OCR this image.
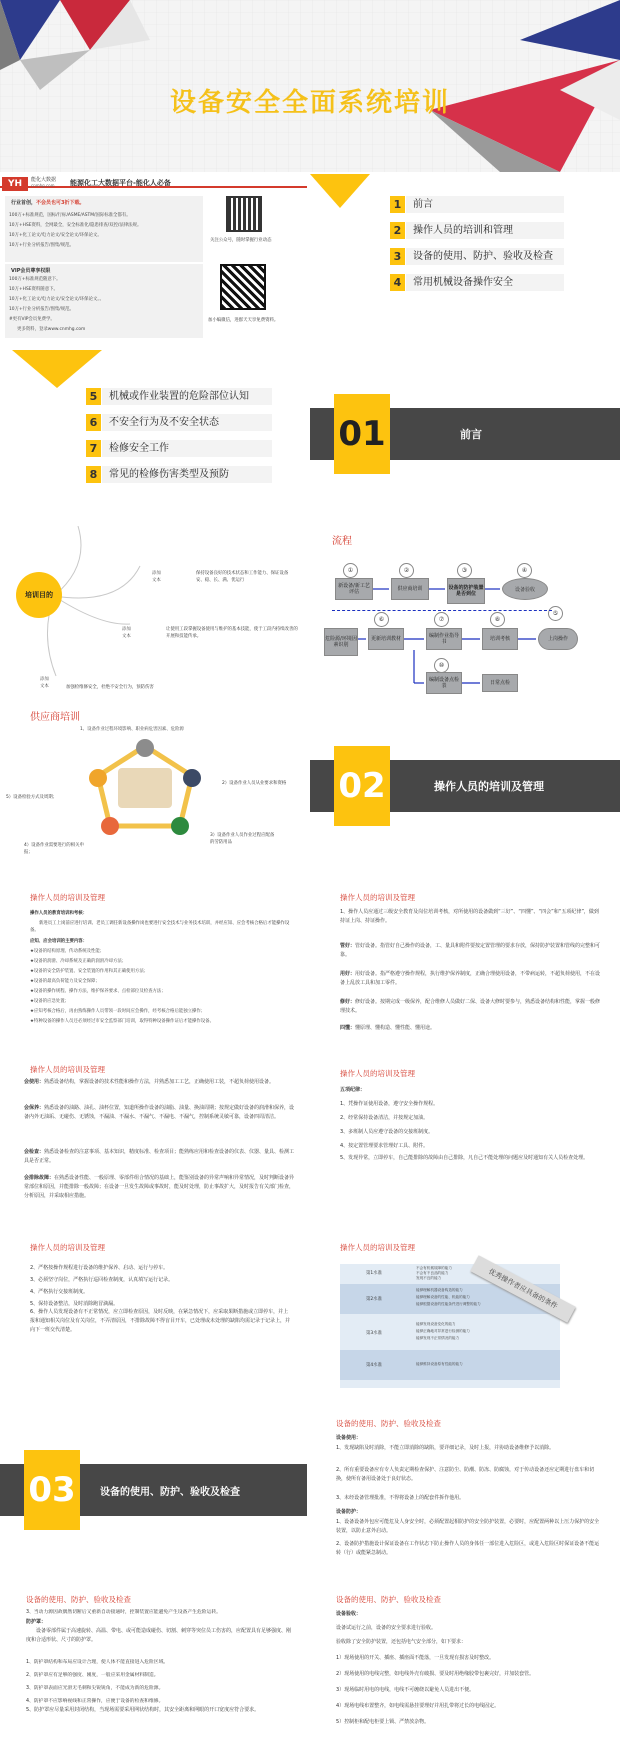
设备安全全面系统培训
YH	能化大数据
cnmhg.com 能源化工大数据平台-能化人必备
行业首创，不会员也可3折下载。
100万+标准规范，国标/行标/ASME/ASTM/国际标准全都有。
10万+HSE资料，全网最全，安全标准化/隐患排查/双控/法律法规。
10万+化工论文/电力论文/安全论文/环保论文。
10万+行业分析报告/图集/规范。
VIP会员尊享权限
100万+标准规范随意下。
10万+HSE资料随意下。
10万+化工论文/电力论文/安全论文/环保论文。。
10万+行业分析报告/图集/规范。
#更有VIP会员免费学。
更多资料，登录www.cnmhg.com
关注公众号，随时掌握行业动态
加小编微信，进群天天享免费资料。
1	前言
2	操作人员的培训和管理
3	设备的使用、防护、验收及检查
4	常用机械设备操作安全
5	机械或作业装置的危险部位认知
6	不安全行为及不安全状态
7	检修安全工作
8	常见的检修伤害类型及预防
01	前言
培训目的
添加
文本
保持设备良好的技术状态和工作能力、保证设备安、稳、长、满、优运行
添加
文本
让使用工段掌握设备使用与维护的基本技能，使于工段内持续改善的开展和技能传承。
添加
文本	加强检维修安全，杜绝不安全行为，预防伤害
流程
①
新设备/新工艺评估
②
供应商培训
③
设备的防护装置是否到位
④
设备验收
⑤
危险源/环境因素识别
⑥
更新培训教材
⑦
编制作业指导书
⑧
培训考核	上岗操作
⑩
编制设备点检表	日常点检
供应商培训
1、设备作业过程环境影响、职业病危害因素、危险源
2）设备作业人员从业要求和资格
3）设备作业人员作业过程应配备的劳防用品
4）设备作业需要进行的相关申报；
5）设备检验方式及周期；	02	操作人员的培训及管理
操作人员的培训及管理
操作人员的教育培训和考核：
新进员工上岗前应进行培训、老员工调任新设备操作岗也要进行安全技术与业务技术培训，并经应知、应会考核合格后才能操作设备。
应知、应会培训的主要内容：
★设备的结构原理、传动系统及性能；
★设备的润滑、冷却系统及正确的润滑冷却方法；
★设备的安全防护装置、安全装置的作用和其正确使用方法；
★设备的最高负荷能力及安全保障；
★设备的操作规程、操作方法，维护保养要求、点检部位及检查方法；
★设备的应急处置；
★应知考核合格后，再由熟练操作人员带领一段时间应会操作，经考核合格后能独立操作；
★特种设备的操作人员还必须经过市安全监察部门培训，取得特种设备操作证后才能操作设备。
操作人员的培训及管理
1、操作人员应通过三级安全教育及岗位培训考核，对所使用的设备做到“三好”、“四懂”、“四会”和“五项纪律”，做到持证上岗、持证操作。
管好：管好设备。指管好自己操作的设备，工、量具和附件要按定置管理的要求存放，保持防护装置和管线的完整和可靠。
用好：用好设备。指严格遵守操作规程，执行维护保养制度，正确合理使用设备，不带病运转，不超负荷使用，不在设备上乱放工具和加工零件。
修好：修好设备。按期完成一级保养，配合维修人员做好二保、设备大修时要参与，熟悉设备结构和性能，掌握一般修理技术。
四懂：懂原理、懂构造、懂性能、懂用途。
操作人员的培训及管理
会使用：熟悉设备结构，掌握设备的技术性能和操作方法，并熟悉加工工艺，正确使用工装，不超负荷使用设备。
会保养：熟悉设备的油路、油孔、油杯位置，知道所操作设备的油脂、油量、换油周期；按规定做好设备的润滑和保养，设备内外无油垢、无碰伤、无锈蚀，不漏油、不漏水、不漏气、不漏电、不漏气，控制系统灵敏可靠，设备四周清洁。
会检查：熟悉设备检查的注意事项、基本知识，精度标准、检查项目；能熟练应用和检查设备的仪表、仪器、量具、检测工具是否正常。
会排除故障：在熟悉设备性能、一般原理、零部件组合情况的基础上，能鉴别设备的异常声响和异常情况，及时判断设备异常部位和原因，并能排除一般故障；在设备一旦发生故障或事故时，能及时处理，防止事故扩大，及时报告有关部门检查，分析原因，并采取相应措施。
操作人员的培训及管理
五项纪律：
1、凭操作证使用设备，遵守安全操作规程。
2、经常保持设备清洁，并按规定加油。
3、多班制人员应遵守设备的交接班制度。
4、按定置管理要求管理好工具、附件。
5、发现异常，立即停车，自己能排除的故障由自己排除，凡自己不能处理的问题应及时通知有关人员检查处理。
操作人员的培训及管理
2、严格按操作规程进行设备的维护保养、启动、运行与停车。
3、必须坚守岗位，严格执行巡回检查制度，认真填写运行记录。
4、严格执行交接班制度。
5、保持设备整洁，及时消除跑冒滴漏。
6、操作人员发现设备有不正常情况，应立即检查原因，及时反映，在紧急情况下，应采取果断措施或立即停车，并上报和通知相关岗位及有关岗位，不弄清原因，不排除故障不得盲目开车，已处理或未处理的缺陷均需记录于记录上，并向下一班交代清楚。
操作人员的培训及管理
第1水准
不会有机械故障的能力
不会有不良品的能力
发现不良的能力
第2水准
能够理解机器设备构造的能力
能够理解设备的性能、机能的能力
能够根据设备的性能条件进行调整的能力
第3水准
能够发现设备变化的能力
能够正确地对异常进行检测的能力
能够发现不正常情况的能力
第4水准	能够维持设备原有性能的能力
优秀操作者应具备的条件
03 设备的使用、防护、验收及检查
设备的使用、防护、验收及检查
设备使用：
1、发现缺陷及时消除，不能立即消除的缺陷，要详细记录，及时上报，并协助设备维修予以消除。
2、所有重要设备应有专人负责定期检查保护、注意防尘、防潮、防冻、防腐蚀，对于传动设备还应定期进行盘车和切换，使所有备用设备处于良好状态。
3、未经设备管理批准，不得将设备上的配套件拆作他用。
设备防护：
1、设备设备外包应可能危及人身安全时，必须配置起相防护的安全防护装置，必要时，应配置两种以上压力保护的安全装置，以防止意外启动。
2、设备防护措施设计保证设备在工作状态下防止操作人员的身体任一部位进入危险区，或进入危险区时保证设备不能运转（行）或能紧急制动。
设备的使用、防护、验收及检查
3、当动力源因故偶然切断后又重新自动接通时，控制装置应能避免产生设备产生危险运转。
防护罩：
设备零部件属于高速旋转、高温、带电、或可能造成碰伤、切割、刺穿等突位员工伤害的，应配置具有足够强度、刚度和合适形状、尺寸的防护罩。
1、防护罩结构和布局应设计合理，使人体不能直接进入危险区域。
2、防护罩应有足够的强度、刚度，一般应采用金属材料制造。
3、防护罩表面应光滑无毛刺和尖锐锐角，不能成为新的危险源。
4、防护罩不应影响视线和正常操作，应便于设备的检查和维修。
5、防护罩应尽量采用封闭结构，当现场需要采用网状结构时，其安全距离和网眼的开口宽度应符合要求。
设备的使用、防护、验收及检查
设备验收：
设备试运行之前，设备的安全要求进行验收。
验收除了安全防护装置，还包括电气安全部分，如下要求：
1）现场使用的开关、插座、插座面不能落，一旦发现有损害及时整改。
2）现场使用的电线完整，如电线外壳有破损、要及时用绝缘胶带包裹完好，并加装套管。
3）现场临时用电的电线，电线不可缠绕以避免人员进出不便。
4）现场电线布置整齐，如电线需悬挂要理好并用扎带将过长的电线固定。
5）控制柜和配电柜要上锁、严禁放杂物。
